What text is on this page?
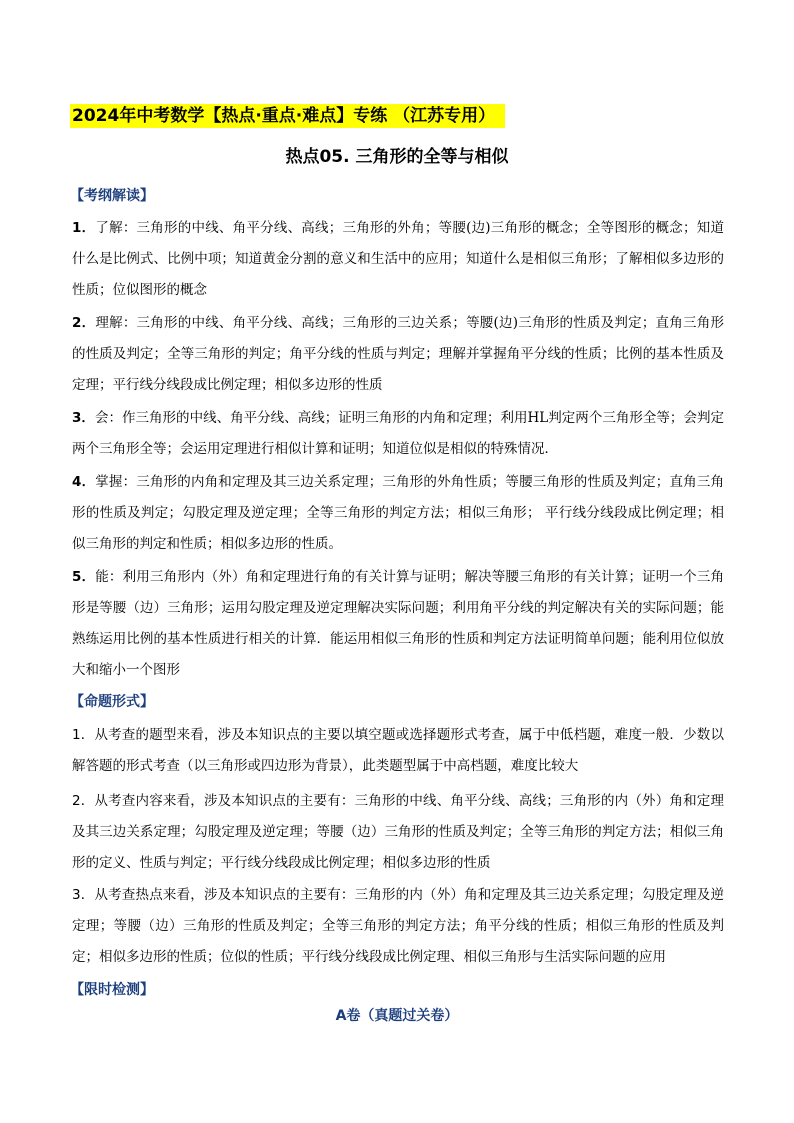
2024年中考数学【热点·重点·难点】专练 （江苏专用）
热点05. 三角形的全等与相似
【考纲解读】
1．了解：三角形的中线、角平分线、高线；三角形的外角；等腰(边)三角形的概念；全等图形的概念；知道什么是比例式、比例中项；知道黄金分割的意义和生活中的应用；知道什么是相似三角形；了解相似多边形的性质；位似图形的概念
2．理解：三角形的中线、角平分线、高线；三角形的三边关系；等腰(边)三角形的性质及判定；直角三角形的性质及判定；全等三角形的判定；角平分线的性质与判定；理解并掌握角平分线的性质；比例的基本性质及定理；平行线分线段成比例定理；相似多边形的性质
3．会：作三角形的中线、角平分线、高线；证明三角形的内角和定理；利用HL判定两个三角形全等；会判定两个三角形全等；会运用定理进行相似计算和证明；知道位似是相似的特殊情况．
4．掌握：三角形的内角和定理及其三边关系定理；三角形的外角性质；等腰三角形的性质及判定；直角三角形的性质及判定；勾股定理及逆定理；全等三角形的判定方法；相似三角形； 平行线分线段成比例定理；相似三角形的判定和性质；相似多边形的性质。
5．能：利用三角形内（外）角和定理进行角的有关计算与证明；解决等腰三角形的有关计算；证明一个三角形是等腰（边）三角形；运用勾股定理及逆定理解决实际问题；利用角平分线的判定解决有关的实际问题；能熟练运用比例的基本性质进行相关的计算．能运用相似三角形的性质和判定方法证明简单问题；能利用位似放大和缩小一个图形
【命题形式】
1．从考查的题型来看，涉及本知识点的主要以填空题或选择题形式考查，属于中低档题，难度一般．少数以解答题的形式考查（以三角形或四边形为背景），此类题型属于中高档题，难度比较大
2．从考查内容来看，涉及本知识点的主要有：三角形的中线、角平分线、高线；三角形的内（外）角和定理及其三边关系定理；勾股定理及逆定理；等腰（边）三角形的性质及判定；全等三角形的判定方法；相似三角形的定义、性质与判定；平行线分线段成比例定理；相似多边形的性质
3．从考查热点来看，涉及本知识点的主要有：三角形的内（外）角和定理及其三边关系定理；勾股定理及逆定理；等腰（边）三角形的性质及判定；全等三角形的判定方法；角平分线的性质；相似三角形的性质及判定；相似多边形的性质；位似的性质；平行线分线段成比例定理、相似三角形与生活实际问题的应用
【限时检测】
A卷（真题过关卷）
